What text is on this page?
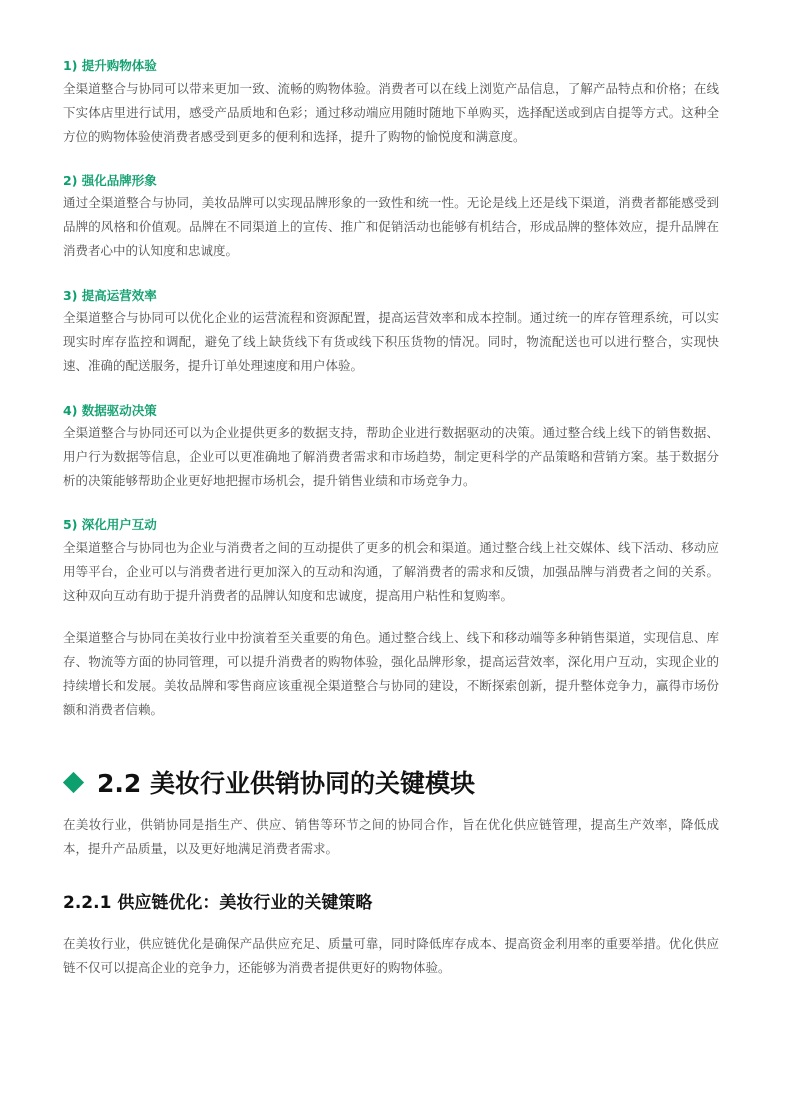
1) 提升购物体验

全渠道整合与协同可以带来更加一致、流畅的购物体验。消费者可以在线上浏览产品信息，了解产品特点和价格；在线下实体店里进行试用，感受产品质地和色彩；通过移动端应用随时随地下单购买，选择配送或到店自提等方式。这种全方位的购物体验使消费者感受到更多的便利和选择，提升了购物的愉悦度和满意度。

2) 强化品牌形象

通过全渠道整合与协同，美妆品牌可以实现品牌形象的一致性和统一性。无论是线上还是线下渠道，消费者都能感受到品牌的风格和价值观。品牌在不同渠道上的宣传、推广和促销活动也能够有机结合，形成品牌的整体效应，提升品牌在消费者心中的认知度和忠诚度。

3) 提高运营效率

全渠道整合与协同可以优化企业的运营流程和资源配置，提高运营效率和成本控制。通过统一的库存管理系统，可以实现实时库存监控和调配，避免了线上缺货线下有货或线下积压货物的情况。同时，物流配送也可以进行整合，实现快速、准确的配送服务，提升订单处理速度和用户体验。

4) 数据驱动决策

全渠道整合与协同还可以为企业提供更多的数据支持，帮助企业进行数据驱动的决策。通过整合线上线下的销售数据、用户行为数据等信息，企业可以更准确地了解消费者需求和市场趋势，制定更科学的产品策略和营销方案。基于数据分析的决策能够帮助企业更好地把握市场机会，提升销售业绩和市场竞争力。

5) 深化用户互动

全渠道整合与协同也为企业与消费者之间的互动提供了更多的机会和渠道。通过整合线上社交媒体、线下活动、移动应用等平台，企业可以与消费者进行更加深入的互动和沟通，了解消费者的需求和反馈，加强品牌与消费者之间的关系。这种双向互动有助于提升消费者的品牌认知度和忠诚度，提高用户粘性和复购率。

全渠道整合与协同在美妆行业中扮演着至关重要的角色。通过整合线上、线下和移动端等多种销售渠道，实现信息、库存、物流等方面的协同管理，可以提升消费者的购物体验，强化品牌形象，提高运营效率，深化用户互动，实现企业的持续增长和发展。美妆品牌和零售商应该重视全渠道整合与协同的建设，不断探索创新，提升整体竞争力，赢得市场份额和消费者信赖。

2.2 美妆行业供销协同的关键模块

在美妆行业，供销协同是指生产、供应、销售等环节之间的协同合作，旨在优化供应链管理，提高生产效率，降低成本，提升产品质量，以及更好地满足消费者需求。

2.2.1 供应链优化：美妆行业的关键策略

在美妆行业，供应链优化是确保产品供应充足、质量可靠，同时降低库存成本、提高资金利用率的重要举措。优化供应链不仅可以提高企业的竞争力，还能够为消费者提供更好的购物体验。
